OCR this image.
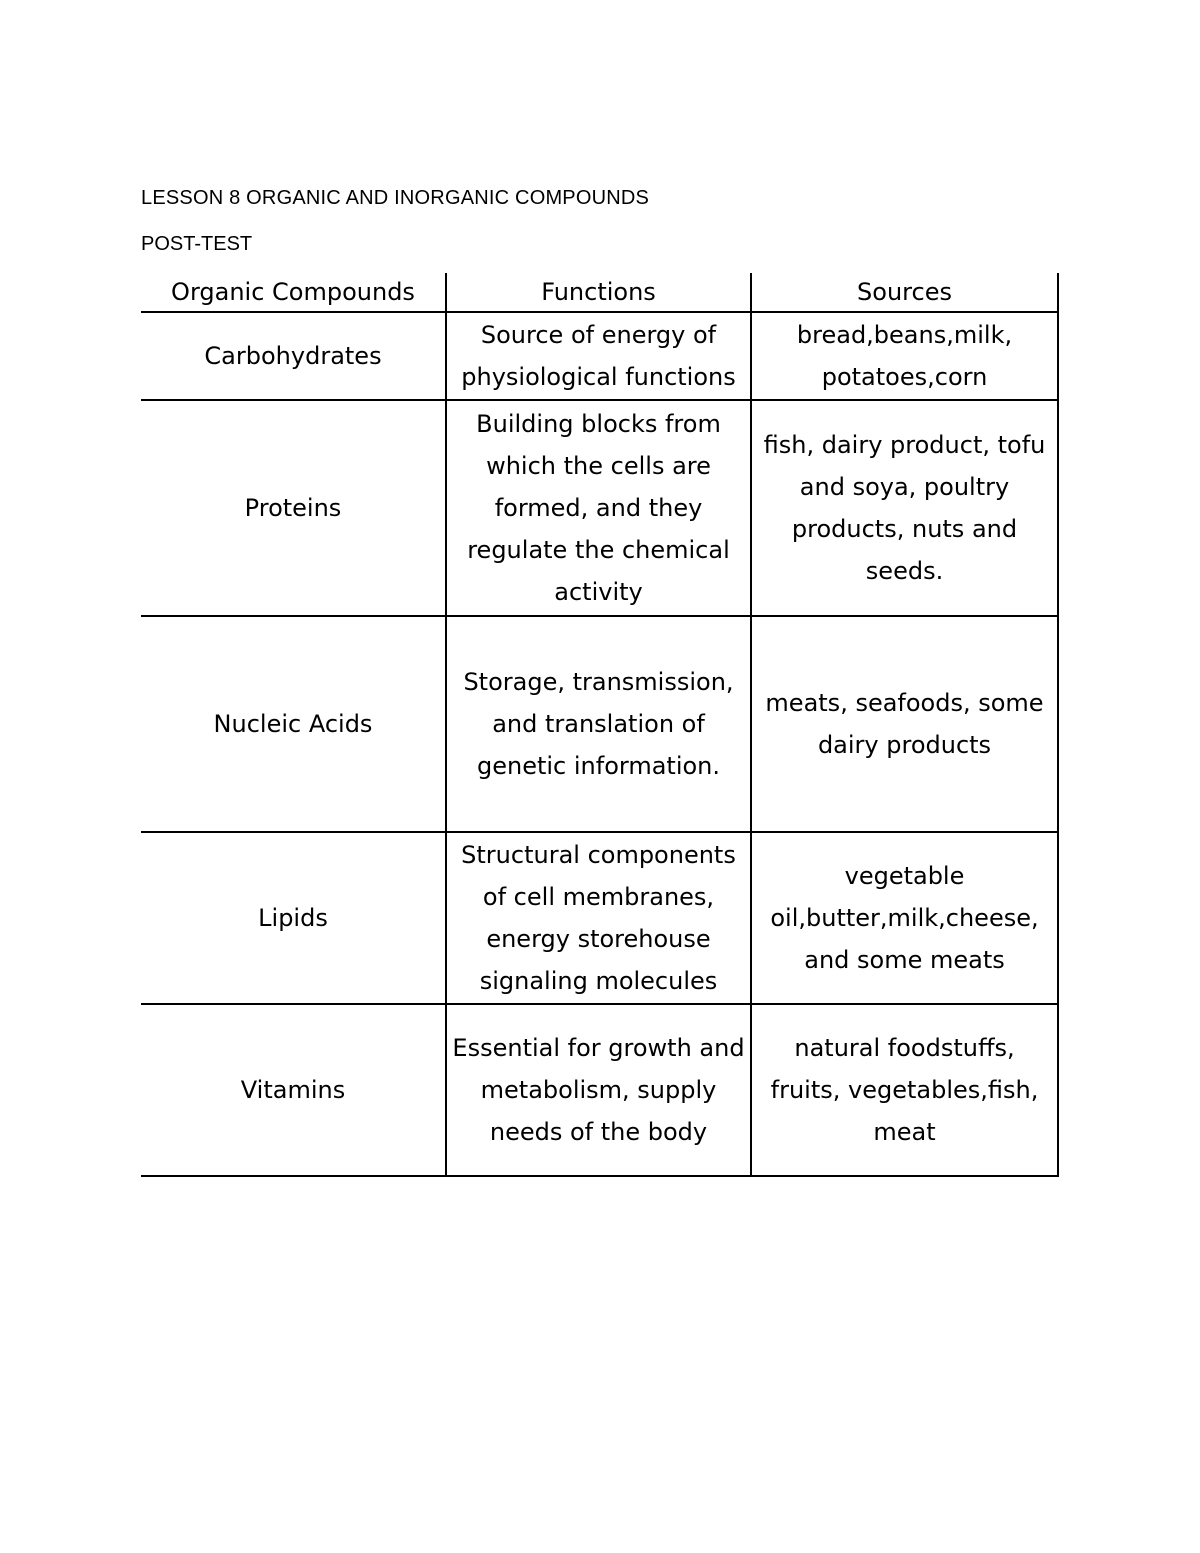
LESSON 8 ORGANIC AND INORGANIC COMPOUNDS
POST-TEST
Organic Compounds	Functions	Sources
Carbohydrates	Source of energy of physiological functions	bread,beans,milk, potatoes,corn
Proteins	Building blocks from which the cells are formed, and they regulate the chemical activity	fish, dairy product, tofu and soya, poultry products, nuts and seeds.
Nucleic Acids	Storage, transmission, and translation of genetic information.	meats, seafoods, some dairy products
Lipids	Structural components of cell membranes, energy storehouse signaling molecules	vegetable oil,butter,milk,cheese, and some meats
Vitamins	Essential for growth and metabolism, supply needs of the body	natural foodstuffs, fruits, vegetables,fish, meat
